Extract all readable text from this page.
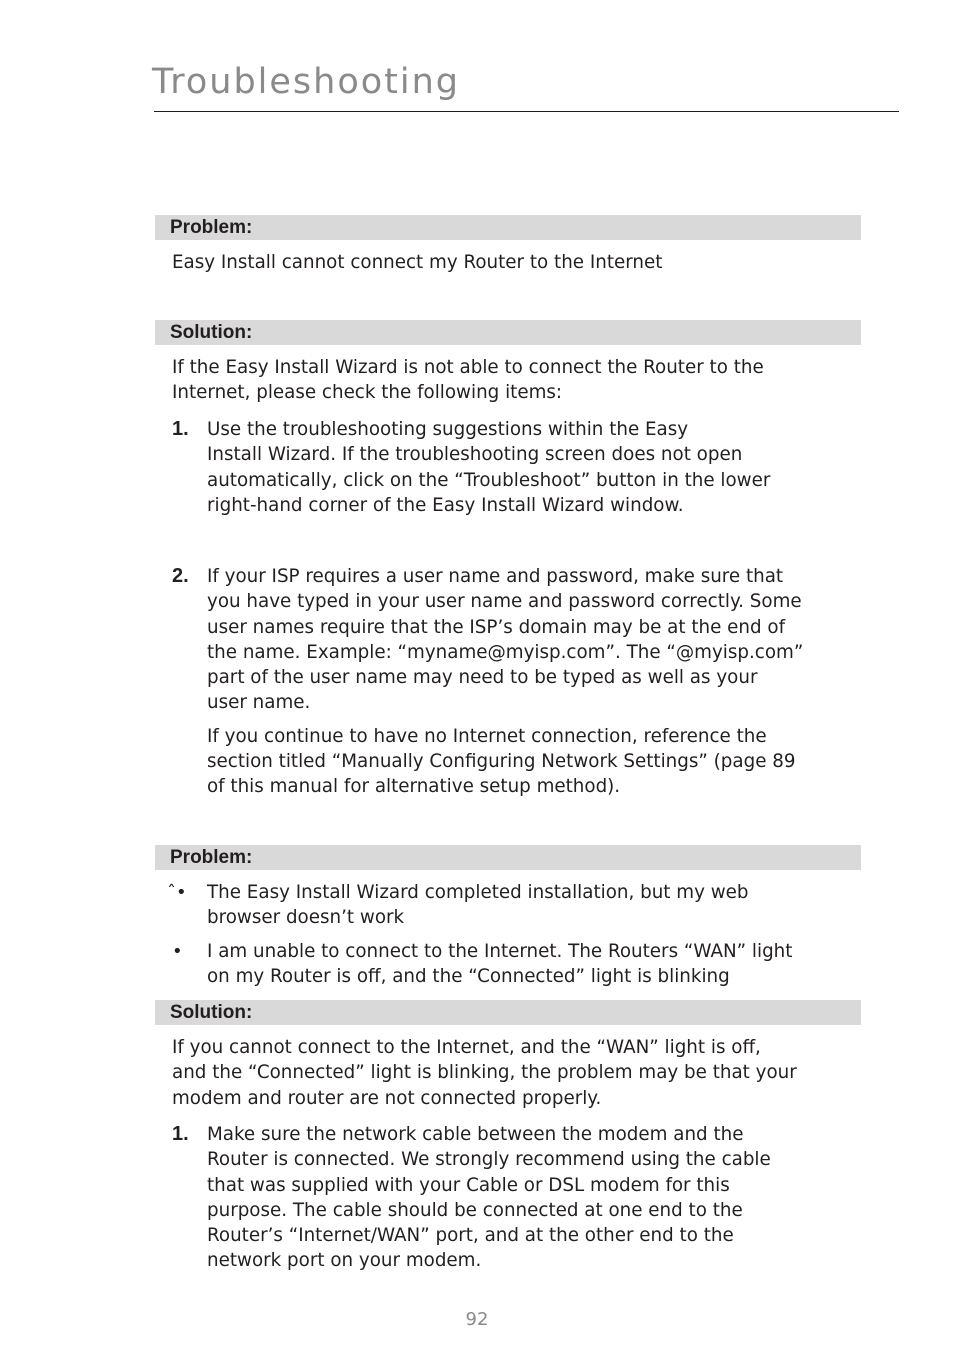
Troubleshooting
Problem:

Easy Install cannot connect my Router to the Internet

Solution:

If the Easy Install Wizard is not able to connect the Router to the
Internet, please check the following items:

1. Use the troubleshooting suggestions within the Easy
Install Wizard. If the troubleshooting screen does not open
automatically, click on the “Troubleshoot” button in the lower
right-hand corner of the Easy Install Wizard window.
2. If your ISP requires a user name and password, make sure that
you have typed in your user name and password correctly. Some
user names require that the ISP’s domain may be at the end of
the name. Example: “myname@myisp.com”. The “@myisp.com”
part of the user name may need to be typed as well as your
user name.
If you continue to have no Internet connection, reference the
section titled “Manually Configuring Network Settings” (page 89
of this manual for alternative setup method).
Problem:
ˆ• The Easy Install Wizard completed installation, but my web
browser doesn’t work
• I am unable to connect to the Internet. The Routers “WAN” light
on my Router is off, and the “Connected” light is blinking
Solution:

If you cannot connect to the Internet, and the “WAN” light is off,
and the “Connected” light is blinking, the problem may be that your
modem and router are not connected properly.

1. Make sure the network cable between the modem and the
Router is connected. We strongly recommend using the cable
that was supplied with your Cable or DSL modem for this
purpose. The cable should be connected at one end to the
Router’s “Internet/WAN” port, and at the other end to the
network port on your modem.
92
